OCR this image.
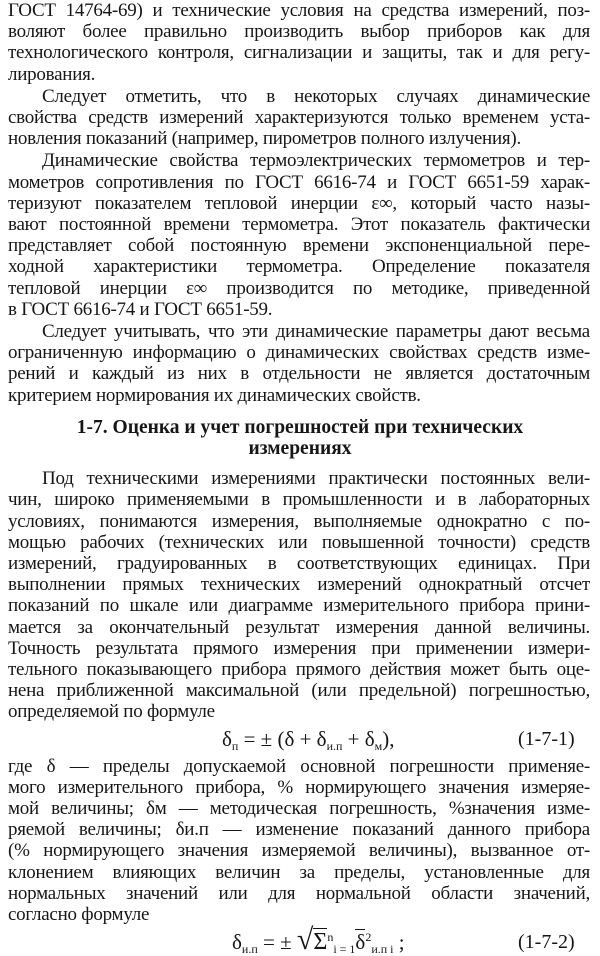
ГОСТ 14764-69) и технические условия на средства измерений, поз-
воляют более правильно производить выбор приборов как для
технологического контроля, сигнализации и защиты, так и для регу-
лирования.
Следует отметить, что в некоторых случаях динамические
свойства средств измерений характеризуются только временем уста-
новления показаний (например, пирометров полного излучения).
Динамические свойства термоэлектрических термометров и тер-
мометров сопротивления по ГОСТ 6616-74 и ГОСТ 6651-59 харак-
теризуют показателем тепловой инерции ε∞, который часто назы-
вают постоянной времени термометра. Этот показатель фактически
представляет собой постоянную времени экспоненциальной пере-
ходной характеристики термометра. Определение показателя
тепловой инерции ε∞ производится по методике, приведенной
в ГОСТ 6616-74 и ГОСТ 6651-59.
Следует учитывать, что эти динамические параметры дают весьма
ограниченную информацию о динамических свойствах средств изме-
рений и каждый из них в отдельности не является достаточным
критерием нормирования их динамических свойств.
1-7. Оценка и учет погрешностей при технических
измерениях
Под техническими измерениями практически постоянных вели-
чин, широко применяемыми в промышленности и в лабораторных
условиях, понимаются измерения, выполняемые однократно с по-
мощью рабочих (технических или повышенной точности) средств
измерений, градуированных в соответствующих единицах. При
выполнении прямых технических измерений однократный отсчет
показаний по шкале или диаграмме измерительного прибора прини-
мается за окончательный результат измерения данной величины.
Точность результата прямого измерения при применении измери-
тельного показывающего прибора прямого действия может быть оце-
нена приближенной максимальной (или предельной) погрешностью,
определяемой по формуле
$\delta_п$ = ± $(\delta + \delta_{и.п} + \delta_м)$,	(1-7-1)
где δ — пределы допускаемой основной погрешности применяе-
мого измерительного прибора, % нормирующего значения измеряе-
мой величины; δм — методическая погрешность, %значения изме-
ряемой величины; δи.п — изменение показаний данного прибора
(% нормирующего значения измеряемой величины), вызванное от-
клонением влияющих величин за пределы, установленные для
нормальных значений или для нормальной области значений,
согласно формуле
$\delta_{и.п}$ = ± $√\Sigma^n_{i = 1}\delta^2_{и.п i}$ ;	(1-7-2)
